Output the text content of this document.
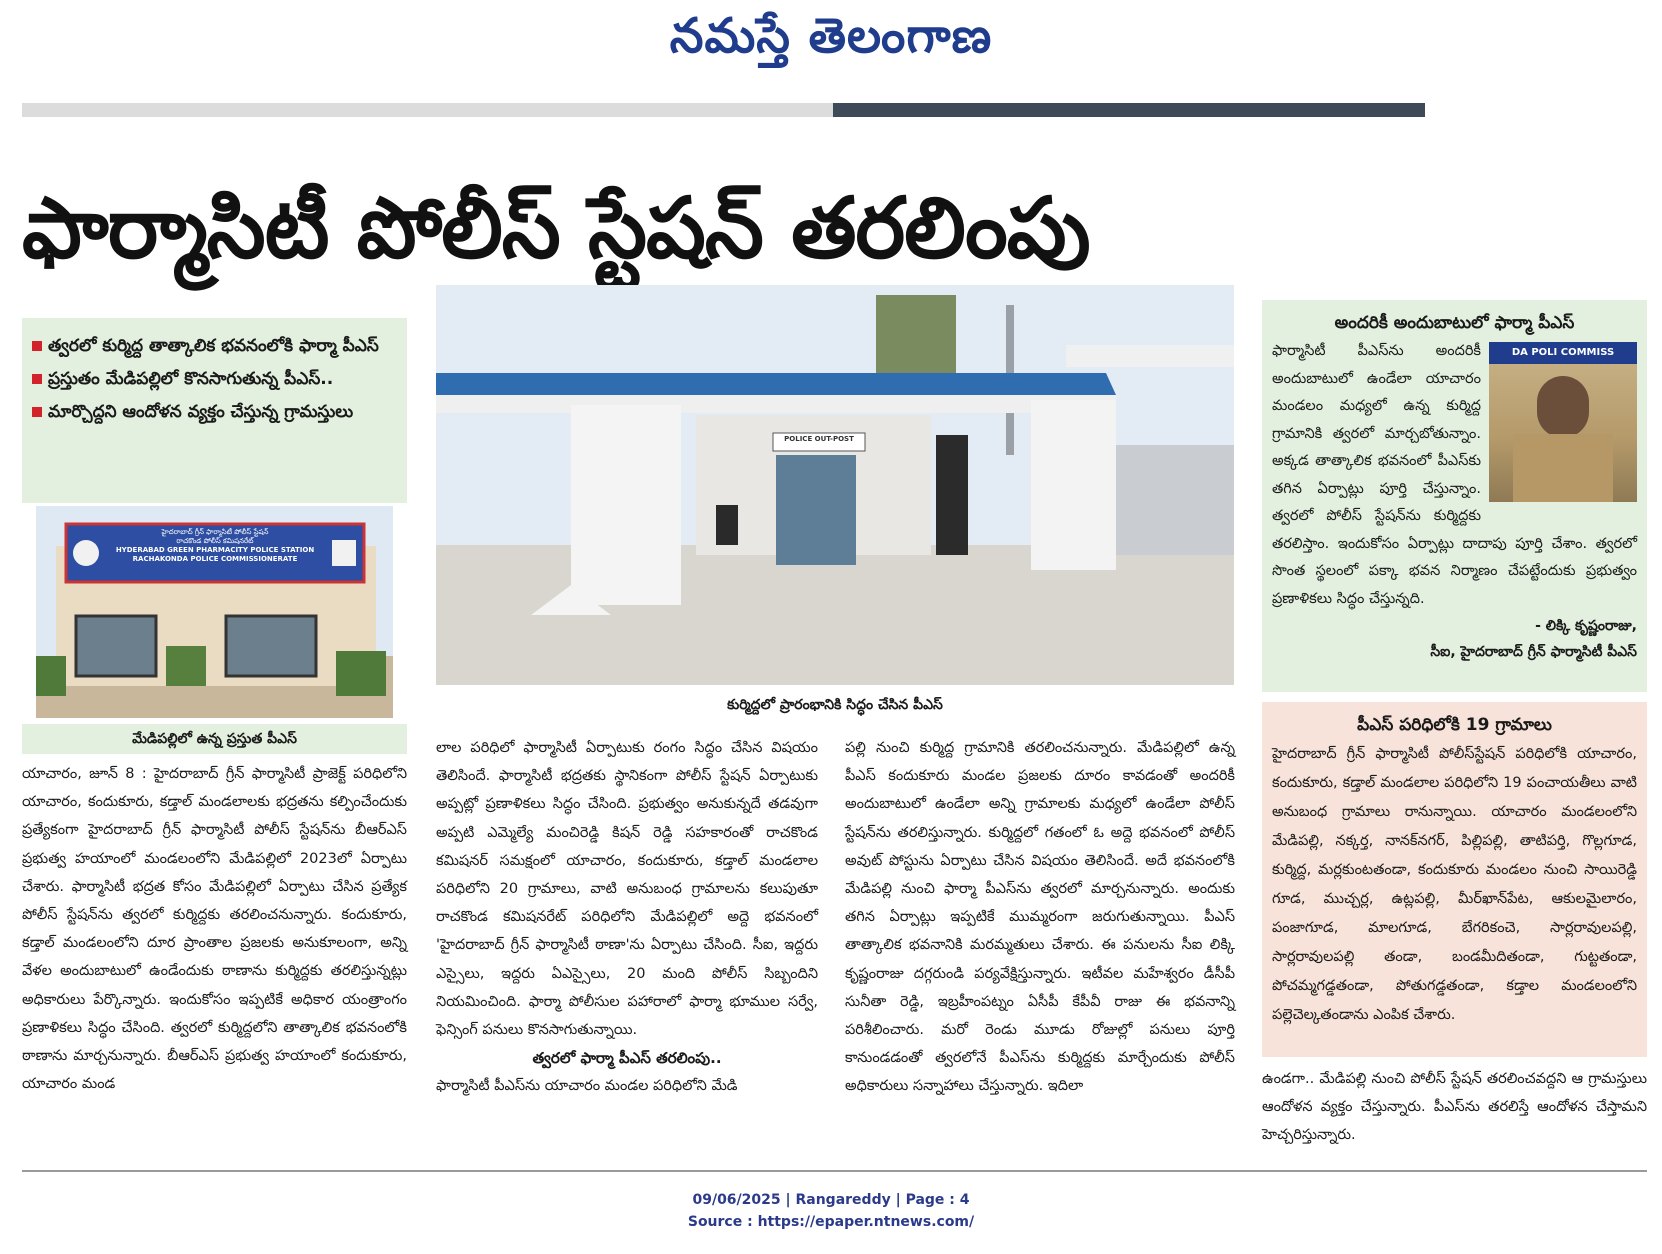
నమస్తే తెలంగాణ
ఫార్మాసిటీ పోలీస్ స్టేషన్ తరలింపు
త్వరలో కుర్మిద్ద తాత్కాలిక భవనంలోకి ఫార్మా పీఎస్
ప్రస్తుతం మేడిపల్లిలో కొనసాగుతున్న పీఎస్..
మార్చొద్దని ఆందోళన వ్యక్తం చేస్తున్న గ్రామస్తులు
హైదరాబాద్ గ్రీన్ ఫార్మాసిటీ పోలీస్ స్టేషన్
రాచకొండ పోలీస్ కమిషనరేట్
HYDERABAD GREEN PHARMACITY POLICE STATION
RACHAKONDA POLICE COMMISSIONERATE
మేడిపల్లిలో ఉన్న ప్రస్తుత పీఎస్
POLICE OUT-POST
కుర్మిద్దలో ప్రారంభానికి సిద్ధం చేసిన పీఎస్
అందరికీ అందుబాటులో ఫార్మా పీఎస్
DA POLI COMMISS
ఫార్మాసిటీ పీఎస్‌ను అందరికీ అందుబాటులో ఉండేలా యాచారం మండలం మధ్యలో ఉన్న కుర్మిద్ద గ్రామానికి త్వరలో మార్చబోతున్నాం. అక్కడ తాత్కాలిక భవనంలో పీఎస్‌కు తగిన ఏర్పాట్లు పూర్తి చేస్తున్నాం. త్వరలో పోలీస్ స్టేషన్‌ను కుర్మిద్దకు తరలిస్తాం. ఇందుకోసం ఏర్పాట్లు దాదాపు పూర్తి చేశాం. త్వరలో సొంత స్థలంలో పక్కా భవన నిర్మాణం చేపట్టేందుకు ప్రభుత్వం ప్రణాళికలు సిద్ధం చేస్తున్నది.
- లిక్కి కృష్ణంరాజు,
సీఐ, హైదరాబాద్ గ్రీన్ ఫార్మాసిటీ పీఎస్
పీఎస్ పరిధిలోకి 19 గ్రామాలు
హైదరాబాద్ గ్రీన్ ఫార్మాసిటీ పోలీస్‌స్టేషన్ పరిధిలోకి యాచారం, కందుకూరు, కడ్తాల్ మండలాల పరిధిలోని 19 పంచాయతీలు వాటి అనుబంధ గ్రామాలు రానున్నాయి. యాచారం మండలంలోని మేడిపల్లి, నక్కర్త, నానక్‌నగర్, పిల్లిపల్లి, తాటిపర్తి, గొల్లగూడ, కుర్మిద్ద, మర్లకుంటతండా, కందుకూరు మండలం నుంచి సాయిరెడ్డి గూడ, ముచ్చర్ల, ఉట్లపల్లి, మీర్‌ఖాన్‌పేట, ఆకులమైలారం, పంజాగూడ, మాలగూడ, బేగరికంచె, సార్లరావులపల్లి, సార్లరావులపల్లి తండా, బండమీదితండా, గుట్టతండా, పోచమ్మగడ్డతండా, పోతుగడ్డతండా, కడ్తాల మండలంలోని పల్లెచెల్కతండాను ఎంపిక చేశారు.
యాచారం, జూన్ 8 : హైదరాబాద్ గ్రీన్ ఫార్మాసిటీ ప్రాజెక్ట్ పరిధిలోని యాచారం, కందుకూరు, కడ్తాల్ మండలాలకు భద్రతను కల్పించేందుకు ప్రత్యేకంగా హైదరాబాద్ గ్రీన్ ఫార్మాసిటీ పోలీస్ స్టేషన్‌ను బీఆర్‌ఎస్ ప్రభుత్వ హయాంలో మండలంలోని మేడిపల్లిలో 2023లో ఏర్పాటు చేశారు. ఫార్మాసిటీ భద్రత కోసం మేడిపల్లిలో ఏర్పాటు చేసిన ప్రత్యేక పోలీస్ స్టేషన్‌ను త్వరలో కుర్మిద్దకు తరలించనున్నారు. కందుకూరు, కడ్తాల్ మండలంలోని దూర ప్రాంతాల ప్రజలకు అనుకూలంగా, అన్ని వేళల అందుబాటులో ఉండేందుకు ఠాణాను కుర్మిద్దకు తరలిస్తున్నట్లు అధికారులు పేర్కొన్నారు. ఇందుకోసం ఇప్పటికే అధికార యంత్రాంగం ప్రణాళికలు సిద్ధం చేసింది. త్వరలో కుర్మిద్దలోని తాత్కాలిక భవనంలోకి ఠాణాను మార్చనున్నారు. బీఆర్‌ఎస్ ప్రభుత్వ హయాంలో కందుకూరు, యాచారం మండ
లాల పరిధిలో ఫార్మాసిటీ ఏర్పాటుకు రంగం సిద్ధం చేసిన విషయం తెలిసిందే. ఫార్మాసిటీ భద్రతకు స్థానికంగా పోలీస్ స్టేషన్ ఏర్పాటుకు అప్పట్లో ప్రణాళికలు సిద్ధం చేసింది. ప్రభుత్వం అనుకున్నదే తడవుగా అప్పటి ఎమ్మెల్యే మంచిరెడ్డి కిషన్ రెడ్డి సహకారంతో రాచకొండ కమిషనర్ సమక్షంలో యాచారం, కందుకూరు, కడ్తాల్ మండలాల పరిధిలోని 20 గ్రామాలు, వాటి అనుబంధ గ్రామాలను కలుపుతూ రాచకొండ కమిషనరేట్ పరిధిలోని మేడిపల్లిలో అద్దె భవనంలో 'హైదరాబాద్ గ్రీన్ ఫార్మాసిటీ ఠాణా'ను ఏర్పాటు చేసింది. సీఐ, ఇద్దరు ఎస్సైలు, ఇద్దరు ఏఎస్సైలు, 20 మంది పోలీస్ సిబ్బందిని నియమించింది. ఫార్మా పోలీసుల పహారాలో ఫార్మా భూముల సర్వే, ఫెన్సింగ్ పనులు కొనసాగుతున్నాయి.
త్వరలో ఫార్మా పీఎస్ తరలింపు..
ఫార్మాసిటీ పీఎస్‌ను యాచారం మండల పరిధిలోని మేడి
పల్లి నుంచి కుర్మిద్ద గ్రామానికి తరలించనున్నారు. మేడిపల్లిలో ఉన్న పీఎస్ కందుకూరు మండల ప్రజలకు దూరం కావడంతో అందరికీ అందుబాటులో ఉండేలా అన్ని గ్రామాలకు మధ్యలో ఉండేలా పోలీస్ స్టేషన్‌ను తరలిస్తున్నారు. కుర్మిద్దలో గతంలో ఓ అద్దె భవనంలో పోలీస్ అవుట్ పోస్టును ఏర్పాటు చేసిన విషయం తెలిసిందే. అదే భవనంలోకి మేడిపల్లి నుంచి ఫార్మా పీఎస్‌ను త్వరలో మార్చనున్నారు. అందుకు తగిన ఏర్పాట్లు ఇప్పటికే ముమ్మరంగా జరుగుతున్నాయి. పీఎస్ తాత్కాలిక భవనానికి మరమ్మతులు చేశారు. ఈ పనులను సీఐ లిక్కి కృష్ణంరాజు దగ్గరుండి పర్యవేక్షిస్తున్నారు. ఇటీవల మహేశ్వరం డీసీపీ సునీతా రెడ్డి, ఇబ్రహీంపట్నం ఏసీపీ కేపీవీ రాజు ఈ భవనాన్ని పరిశీలించారు. మరో రెండు మూడు రోజుల్లో పనులు పూర్తి కానుండడంతో త్వరలోనే పీఎస్‌ను కుర్మిద్దకు మార్చేందుకు పోలీస్ అధికారులు సన్నాహాలు చేస్తున్నారు. ఇదిలా	ఉండగా.. మేడిపల్లి నుంచి పోలీస్ స్టేషన్ తరలించవద్దని ఆ గ్రామస్తులు ఆందోళన వ్యక్తం చేస్తున్నారు. పీఎస్‌ను తరలిస్తే ఆందోళన చేస్తామని హెచ్చరిస్తున్నారు.
09/06/2025 | Rangareddy | Page : 4
Source : https://epaper.ntnews.com/
